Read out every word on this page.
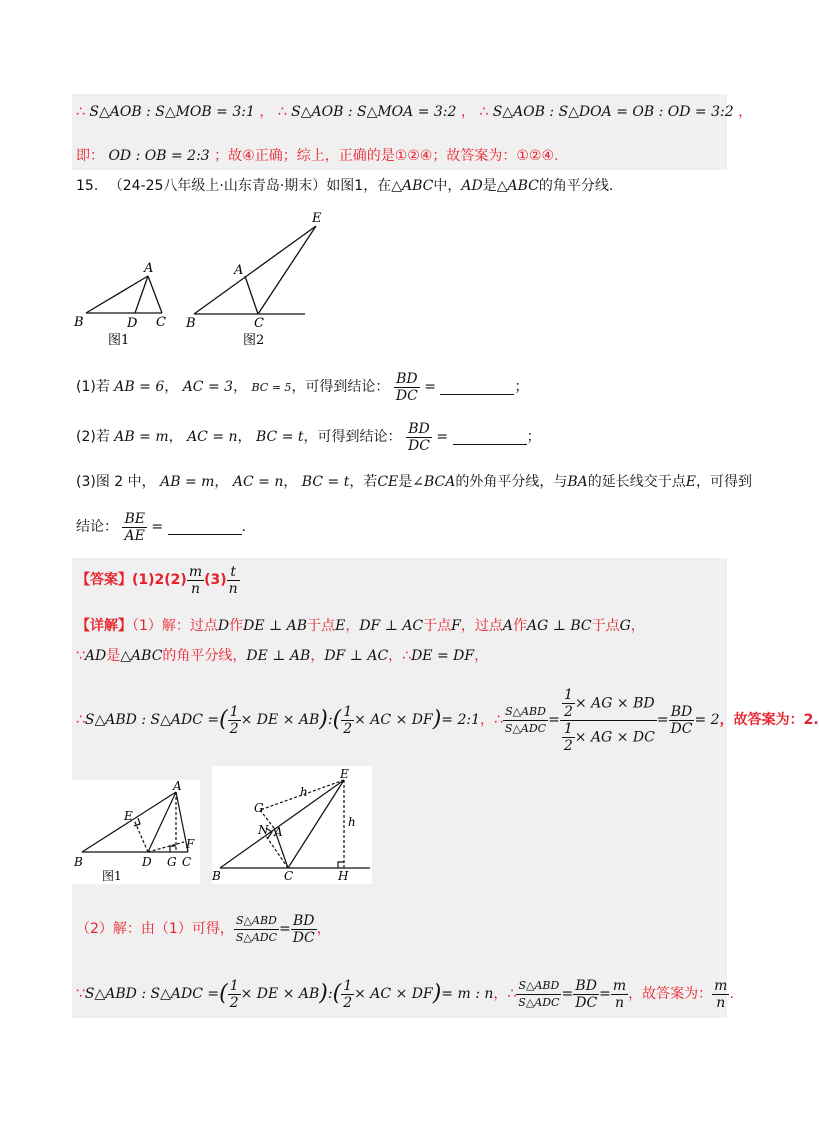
∴ S△AOB : S△MOB = 3:1 ， ∴ S△AOB : S△MOA = 3:2 ， ∴ S△AOB : S△DOA = OB : OD = 3:2 ，
即： OD : OB = 2:3 ；故④正确；综上，正确的是①②④；故答案为：①②④.
15. （24-25八年级上·山东青岛·期末）如图1，在△ABC中，AD是△ABC的角平分线.
A
B	C
D
图1
E
A
B	C
图2
(1)若 AB = 6， AC = 3， BC = 5，可得到结论： $\frac{BD}{DC}$ =	；
(2)若 AB = m， AC = n， BC = t，可得到结论： $\frac{BD}{DC}$ =	；
(3)图 2 中， AB = m， AC = n， BC = t，若CE是∠BCA的外角平分线，与BA的延长线交于点E，可得到
结论： $\frac{BE}{AE}$ =	.
【答案】$(1)2(2) \frac{m}{n} (3) \frac{t}{n}$
【详解】（1）解：过点D作DE ⊥ AB于点E，DF ⊥ AC于点F，过点A作AG ⊥ BC于点G，
∵AD是△ABC的角平分线，DE ⊥ AB，DF ⊥ AC，∴DE = DF，
∴ S△ABD : S△ADC = ( $\frac{1}{2}$ × DE × AB ) : ( $\frac{1}{2}$ × AC × DF ) = 2:1 ， ∴ $\frac{\text{S△ABD}}{\text{S△ADC}} = \frac{\frac{1}{2} \times AG \times BD}{\frac{1}{2} \times AG \times DC} = \frac{BD}{DC} = 2$ ，故答案为：2.
A
B	C
D
E
F
G
图1
E
A
B	C	H
G
N
h
h
（2）解：由（1）可得， $\frac{\text{S△ABD}}{\text{S△ADC}} = \frac{BD}{DC}$ ，
∵ S△ABD : S△ADC = ( $\frac{1}{2}$ × DE × AB ) : ( $\frac{1}{2}$ × AC × DF ) = m : n ， ∴ $\frac{\text{S△ABD}}{\text{S△ADC}} = \frac{BD}{DC} = \frac{m}{n}$ ，故答案为： $\frac{m}{n}$ .
